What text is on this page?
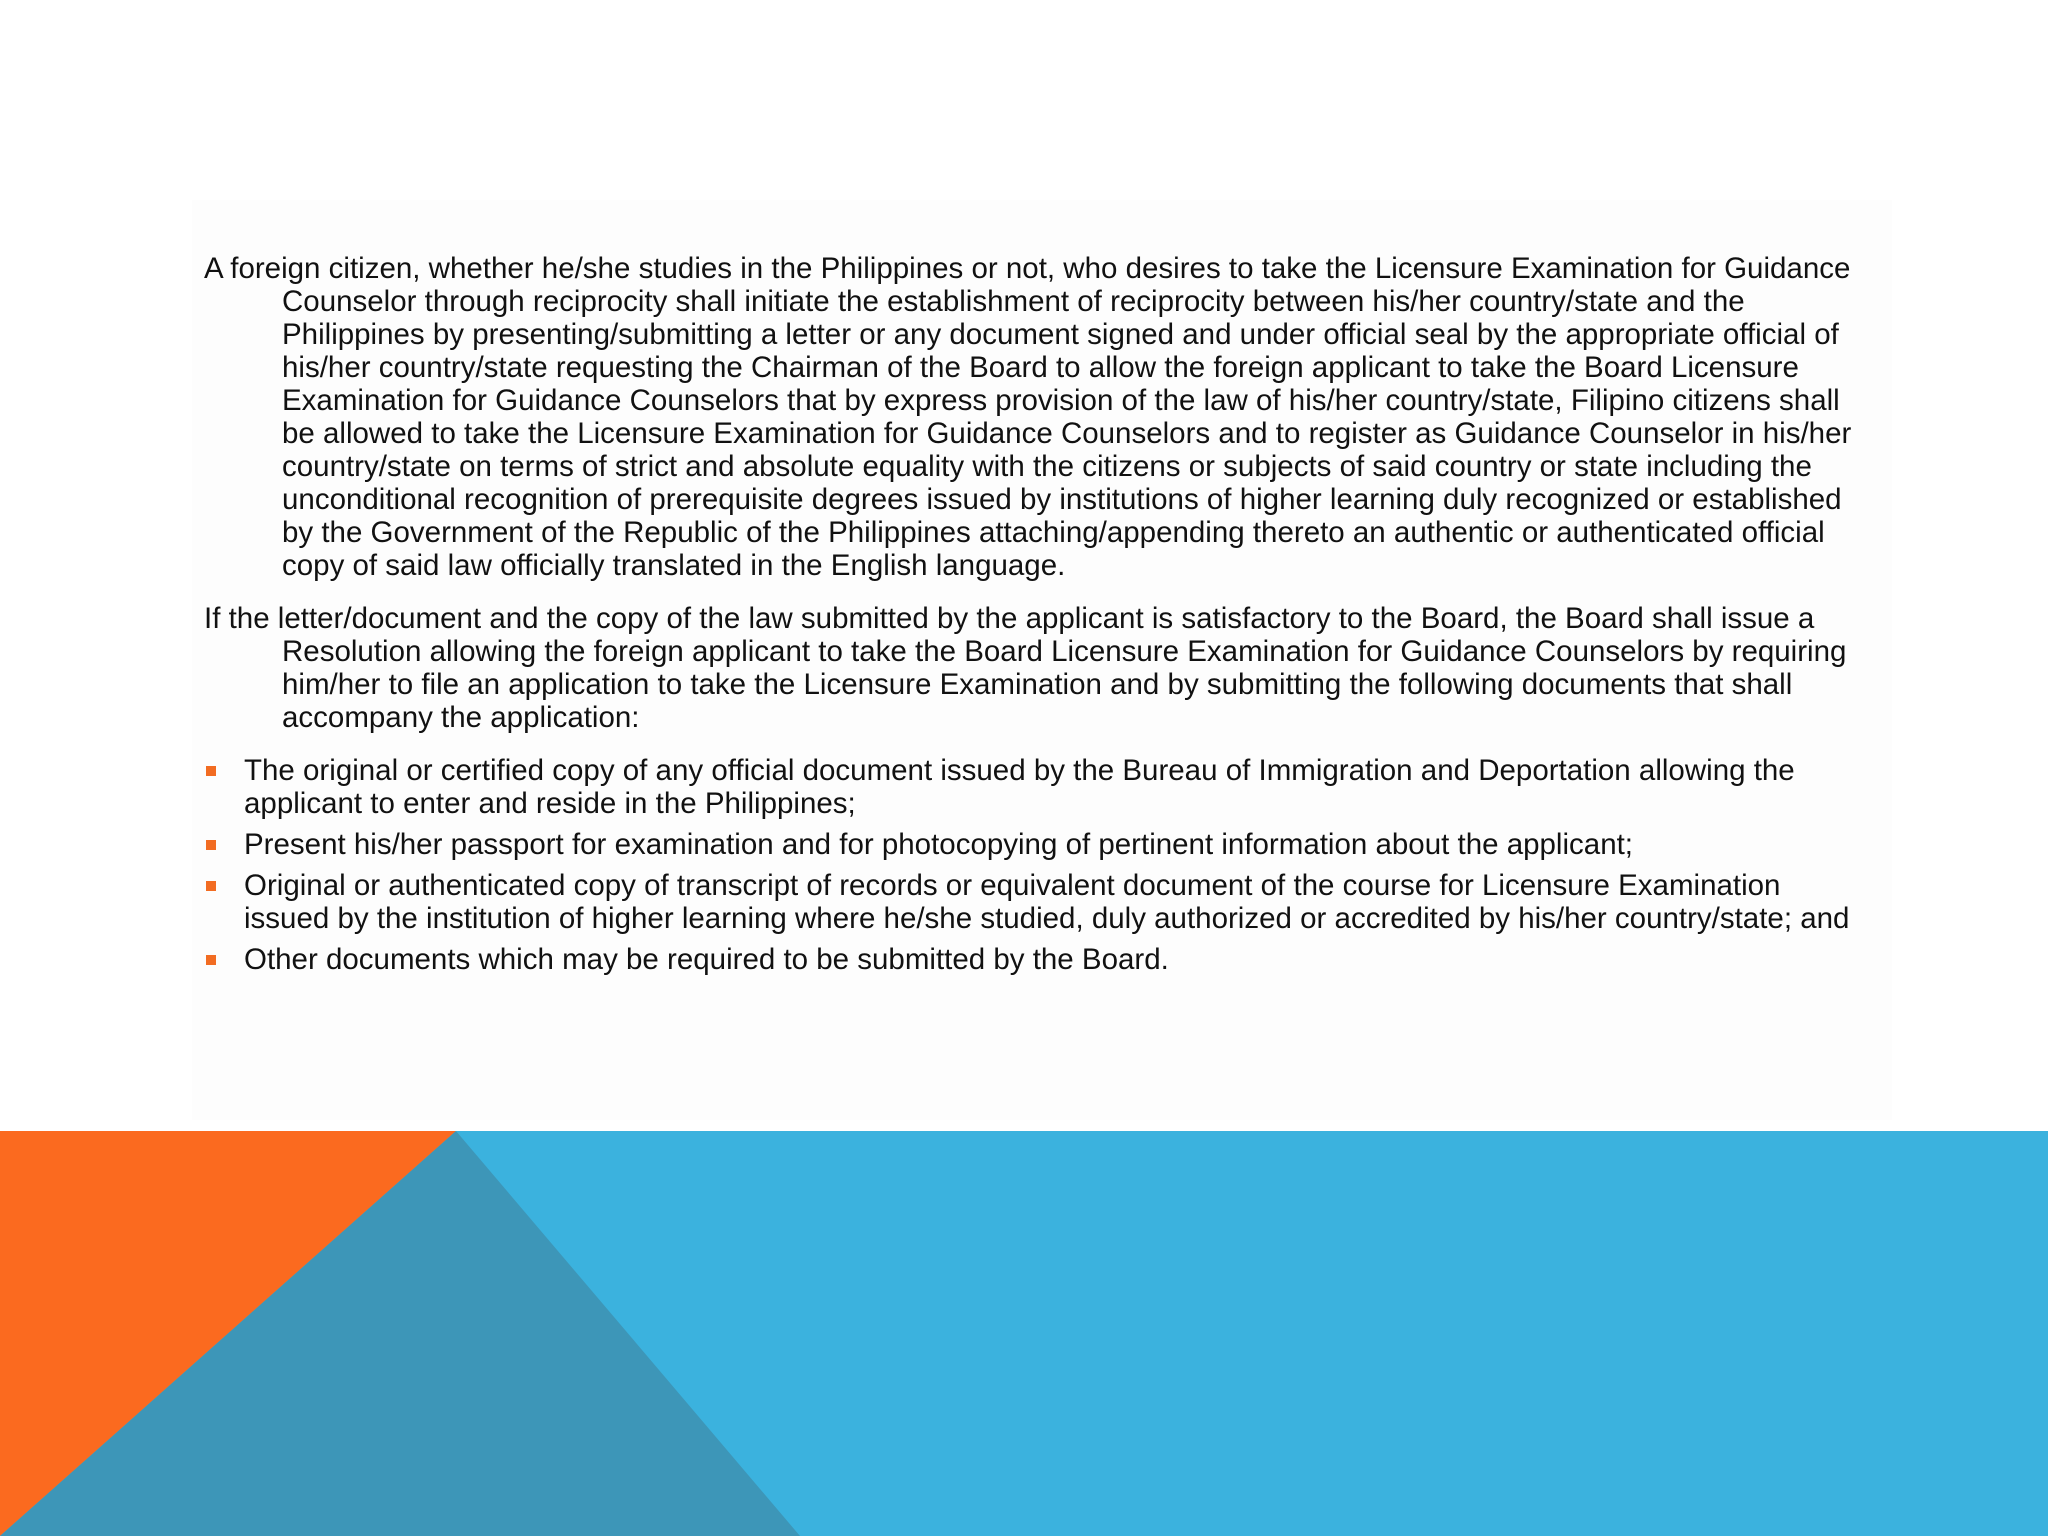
A foreign citizen, whether he/she studies in the Philippines or not, who desires to take the Licensure Examination for Guidance Counselor through reciprocity shall initiate the establishment of reciprocity between his/her country/state and the Philippines by presenting/submitting a letter or any document signed and under official seal by the appropriate official of his/her country/state requesting the Chairman of the Board to allow the foreign applicant to take the Board Licensure Examination for Guidance Counselors that by express provision of the law of his/her country/state, Filipino citizens shall be allowed to take the Licensure Examination for Guidance Counselors and to register as Guidance Counselor in his/her country/state on terms of strict and absolute equality with the citizens or subjects of said country or state including the unconditional recognition of prerequisite degrees issued by institutions of higher learning duly recognized or established by the Government of the Republic of the Philippines attaching/appending thereto an authentic or authenticated official copy of said law officially translated in the English language.

If the letter/document and the copy of the law submitted by the applicant is satisfactory to the Board, the Board shall issue a Resolution allowing the foreign applicant to take the Board Licensure Examination for Guidance Counselors by requiring him/her to file an application to take the Licensure Examination and by submitting the following documents that shall accompany the application:

The original or certified copy of any official document issued by the Bureau of Immigration and Deportation allowing the applicant to enter and reside in the Philippines;
Present his/her passport for examination and for photocopying of pertinent information about the applicant;
Original or authenticated copy of transcript of records or equivalent document of the course for Licensure Examination issued by the institution of higher learning where he/she studied, duly authorized or accredited by his/her country/state; and
Other documents which may be required to be submitted by the Board.
